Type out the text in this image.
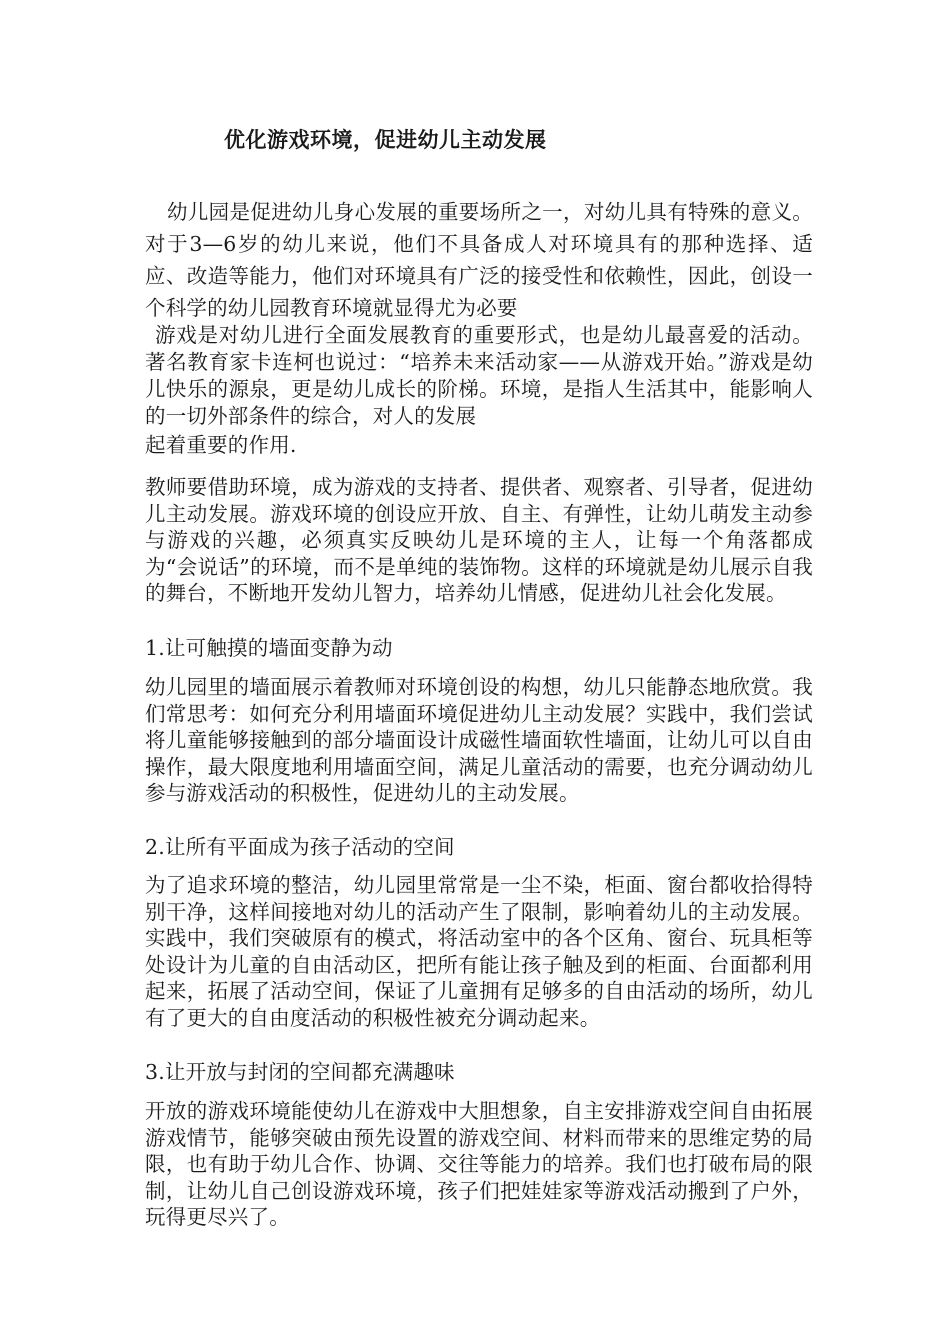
优化游戏环境，促进幼儿主动发展

幼儿园是促进幼儿身心发展的重要场所之一，对幼儿具有特殊的意义。对于3—6岁的幼儿来说，他们不具备成人对环境具有的那种选择、适应、改造等能力，他们对环境具有广泛的接受性和依赖性，因此，创设一个科学的幼儿园教育环境就显得尤为必要

游戏是对幼儿进行全面发展教育的重要形式，也是幼儿最喜爱的活动。著名教育家卡连柯也说过：“培养未来活动家——从游戏开始。”游戏是幼儿快乐的源泉，更是幼儿成长的阶梯。环境，是指人生活其中，能影响人的一切外部条件的综合，对人的发展

起着重要的作用.

教师要借助环境，成为游戏的支持者、提供者、观察者、引导者，促进幼儿主动发展。游戏环境的创设应开放、自主、有弹性，让幼儿萌发主动参与游戏的兴趣，必须真实反映幼儿是环境的主人，让每一个角落都成为“会说话”的环境，而不是单纯的装饰物。这样的环境就是幼儿展示自我的舞台，不断地开发幼儿智力，培养幼儿情感，促进幼儿社会化发展。

1.让可触摸的墙面变静为动

幼儿园里的墙面展示着教师对环境创设的构想，幼儿只能静态地欣赏。我们常思考：如何充分利用墙面环境促进幼儿主动发展？实践中，我们尝试将儿童能够接触到的部分墙面设计成磁性墙面软性墙面，让幼儿可以自由操作，最大限度地利用墙面空间，满足儿童活动的需要，也充分调动幼儿参与游戏活动的积极性，促进幼儿的主动发展。

2.让所有平面成为孩子活动的空间

为了追求环境的整洁，幼儿园里常常是一尘不染，柜面、窗台都收拾得特别干净，这样间接地对幼儿的活动产生了限制，影响着幼儿的主动发展。实践中，我们突破原有的模式，将活动室中的各个区角、窗台、玩具柜等处设计为儿童的自由活动区，把所有能让孩子触及到的柜面、台面都利用起来，拓展了活动空间，保证了儿童拥有足够多的自由活动的场所，幼儿有了更大的自由度活动的积极性被充分调动起来。

3.让开放与封闭的空间都充满趣味

开放的游戏环境能使幼儿在游戏中大胆想象，自主安排游戏空间自由拓展游戏情节，能够突破由预先设置的游戏空间、材料而带来的思维定势的局限，也有助于幼儿合作、协调、交往等能力的培养。我们也打破布局的限制，让幼儿自己创设游戏环境，孩子们把娃娃家等游戏活动搬到了户外，玩得更尽兴了。
